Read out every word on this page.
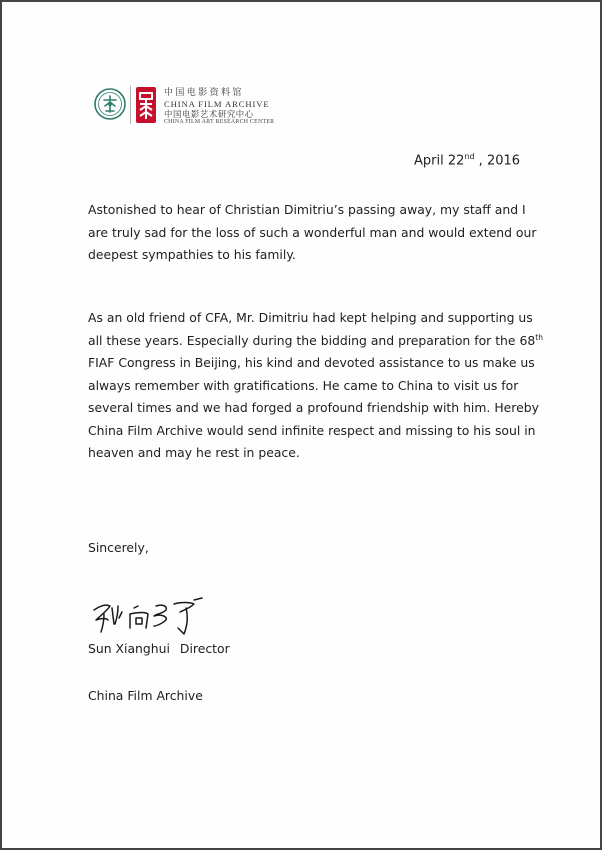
中国电影资料馆
CHINA FILM ARCHIVE
中国电影艺术研究中心
CHINA FILM ART RESEARCH CENTER
April 22nd , 2016
Astonished to hear of Christian Dimitriu’s passing away, my staff and I
are truly sad for the loss of such a wonderful man and would extend our
deepest sympathies to his family.
As an old friend of CFA, Mr. Dimitriu had kept helping and supporting us
all these years. Especially during the bidding and preparation for the 68th
FIAF Congress in Beijing, his kind and devoted assistance to us make us
always remember with gratifications. He came to China to visit us for
several times and we had forged a profound friendship with him. Hereby
China Film Archive would send infinite respect and missing to his soul in
heaven and may he rest in peace.
Sincerely,
Sun Xianghui Director
China Film Archive
